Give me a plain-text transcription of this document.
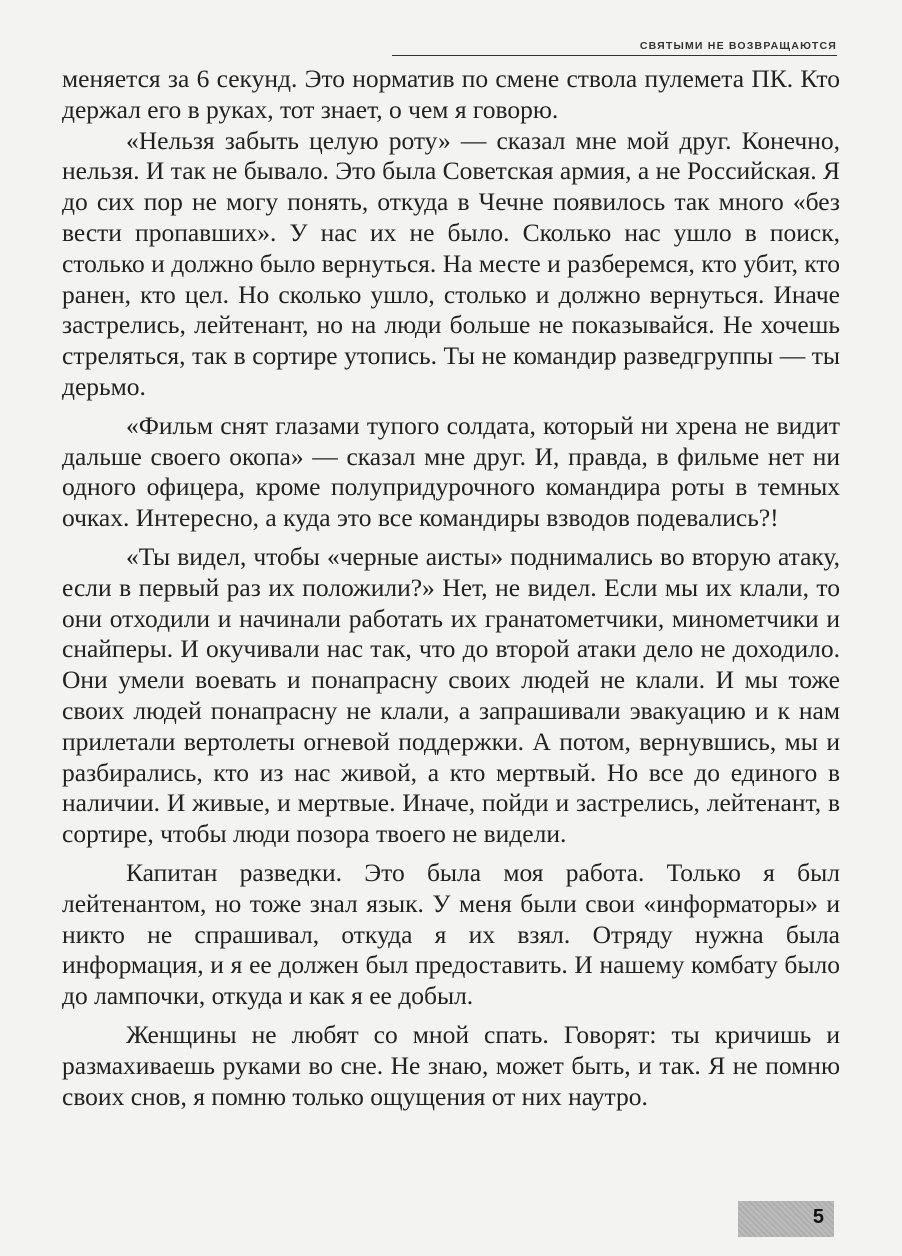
СВЯТЫМИ НЕ ВОЗВРАЩАЮТСЯ

меняется за 6 секунд. Это норматив по смене ствола пулемета ПК. Кто держал его в руках, тот знает, о чем я говорю.

«Нельзя забыть целую роту» — сказал мне мой друг. Конечно, нельзя. И так не бывало. Это была Советская армия, а не Российская. Я до сих пор не могу понять, откуда в Чечне появилось так много «без вести пропавших». У нас их не было. Сколько нас ушло в поиск, столько и должно было вернуться. На месте и разберемся, кто убит, кто ранен, кто цел. Но сколько ушло, столько и должно вернуться. Иначе застрелись, лейтенант, но на люди больше не показывайся. Не хочешь стреляться, так в сортире утопись. Ты не командир разведгруппы — ты дерьмо.

«Фильм снят глазами тупого солдата, который ни хрена не видит дальше своего окопа» — сказал мне друг. И, правда, в фильме нет ни одного офицера, кроме полупридурочного командира роты в темных очках. Интересно, а куда это все командиры взводов подевались?!

«Ты видел, чтобы «черные аисты» поднимались во вторую атаку, если в первый раз их положили?» Нет, не видел. Если мы их клали, то они отходили и начинали работать их гранатометчики, минометчики и снайперы. И окучивали нас так, что до второй атаки дело не доходило. Они умели воевать и понапрасну своих людей не клали. И мы тоже своих людей понапрасну не клали, а запрашивали эвакуацию и к нам прилетали вертолеты огневой поддержки. А потом, вернувшись, мы и разбирались, кто из нас живой, а кто мертвый. Но все до единого в наличии. И живые, и мертвые. Иначе, пойди и застрелись, лейтенант, в сортире, чтобы люди позора твоего не видели.

Капитан разведки. Это была моя работа. Только я был лейтенантом, но тоже знал язык. У меня были свои «информаторы» и никто не спрашивал, откуда я их взял. Отряду нужна была информация, и я ее должен был предоставить. И нашему комбату было до лампочки, откуда и как я ее добыл.

Женщины не любят со мной спать. Говорят: ты кричишь и размахиваешь руками во сне. Не знаю, может быть, и так. Я не помню своих снов, я помню только ощущения от них наутро.

5
